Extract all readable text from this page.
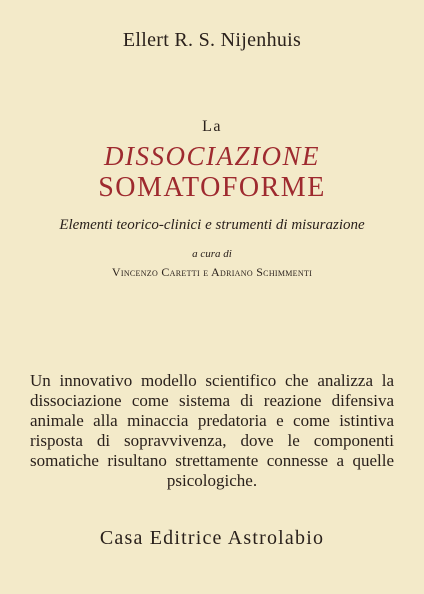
Ellert R. S. Nijenhuis

La

DISSOCIAZIONE

SOMATOFORME

Elementi teorico-clinici e strumenti di misurazione

a cura di

Vincenzo Caretti e Adriano Schimmenti

Un innovativo modello scientifico che analizza la dissociazione come sistema di reazione difensiva animale alla minaccia predatoria e come istintiva risposta di sopravvivenza, dove le componenti somatiche risultano strettamente connesse a quelle psicologiche.

Casa Editrice Astrolabio
